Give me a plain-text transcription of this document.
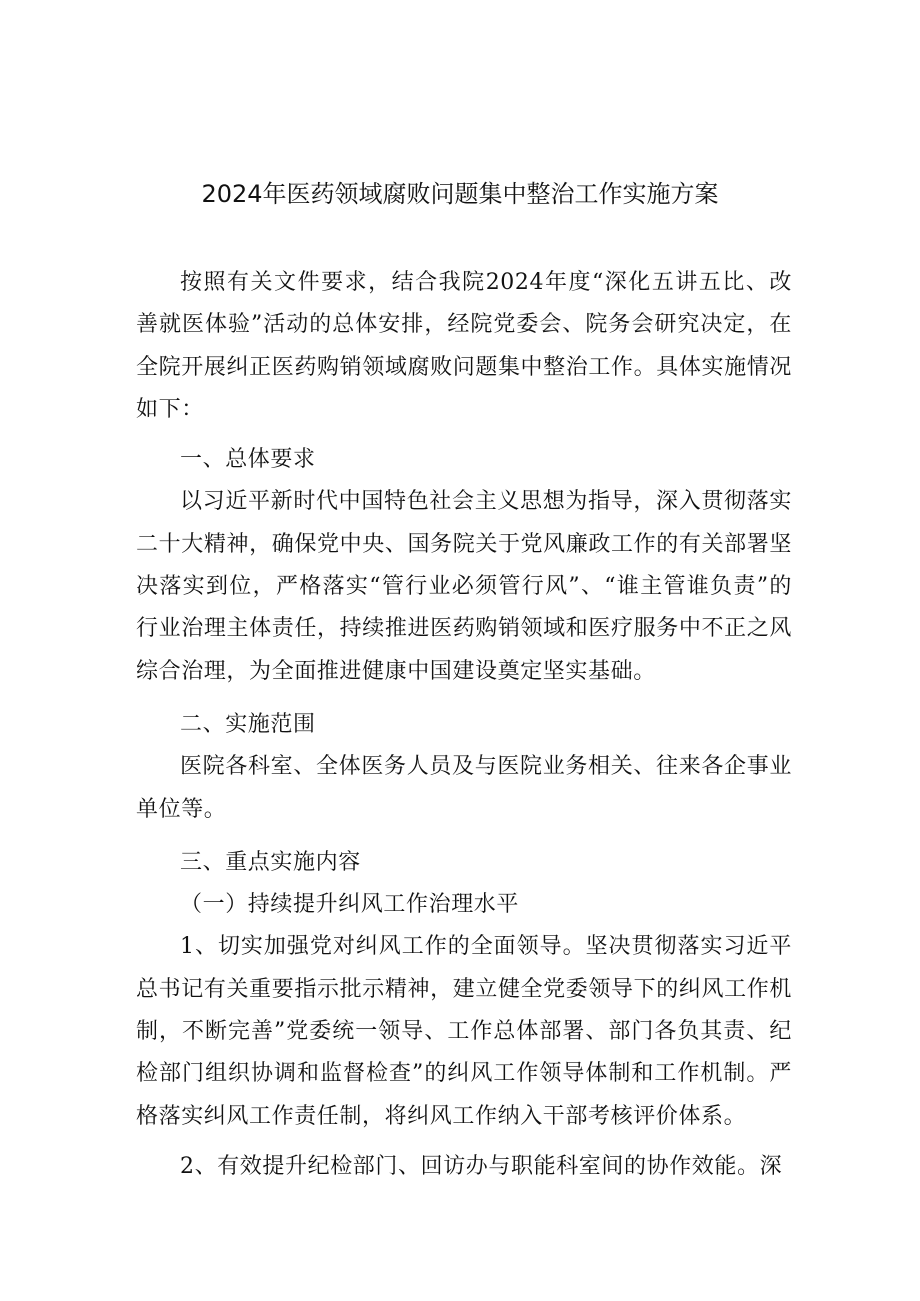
2024年医药领域腐败问题集中整治工作实施方案

按照有关文件要求，结合我院2024年度“深化五讲五比、改善就医体验”活动的总体安排，经院党委会、院务会研究决定，在全院开展纠正医药购销领域腐败问题集中整治工作。具体实施情况如下：

一、总体要求

以习近平新时代中国特色社会主义思想为指导，深入贯彻落实二十大精神，确保党中央、国务院关于党风廉政工作的有关部署坚决落实到位，严格落实“管行业必须管行风”、“谁主管谁负责”的行业治理主体责任，持续推进医药购销领域和医疗服务中不正之风综合治理，为全面推进健康中国建设奠定坚实基础。

二、实施范围

医院各科室、全体医务人员及与医院业务相关、往来各企事业单位等。

三、重点实施内容

（一）持续提升纠风工作治理水平

1、切实加强党对纠风工作的全面领导。坚决贯彻落实习近平总书记有关重要指示批示精神，建立健全党委领导下的纠风工作机制，不断完善”党委统一领导、工作总体部署、部门各负其责、纪检部门组织协调和监督检查”的纠风工作领导体制和工作机制。严格落实纠风工作责任制，将纠风工作纳入干部考核评价体系。

2、有效提升纪检部门、回访办与职能科室间的协作效能。深
